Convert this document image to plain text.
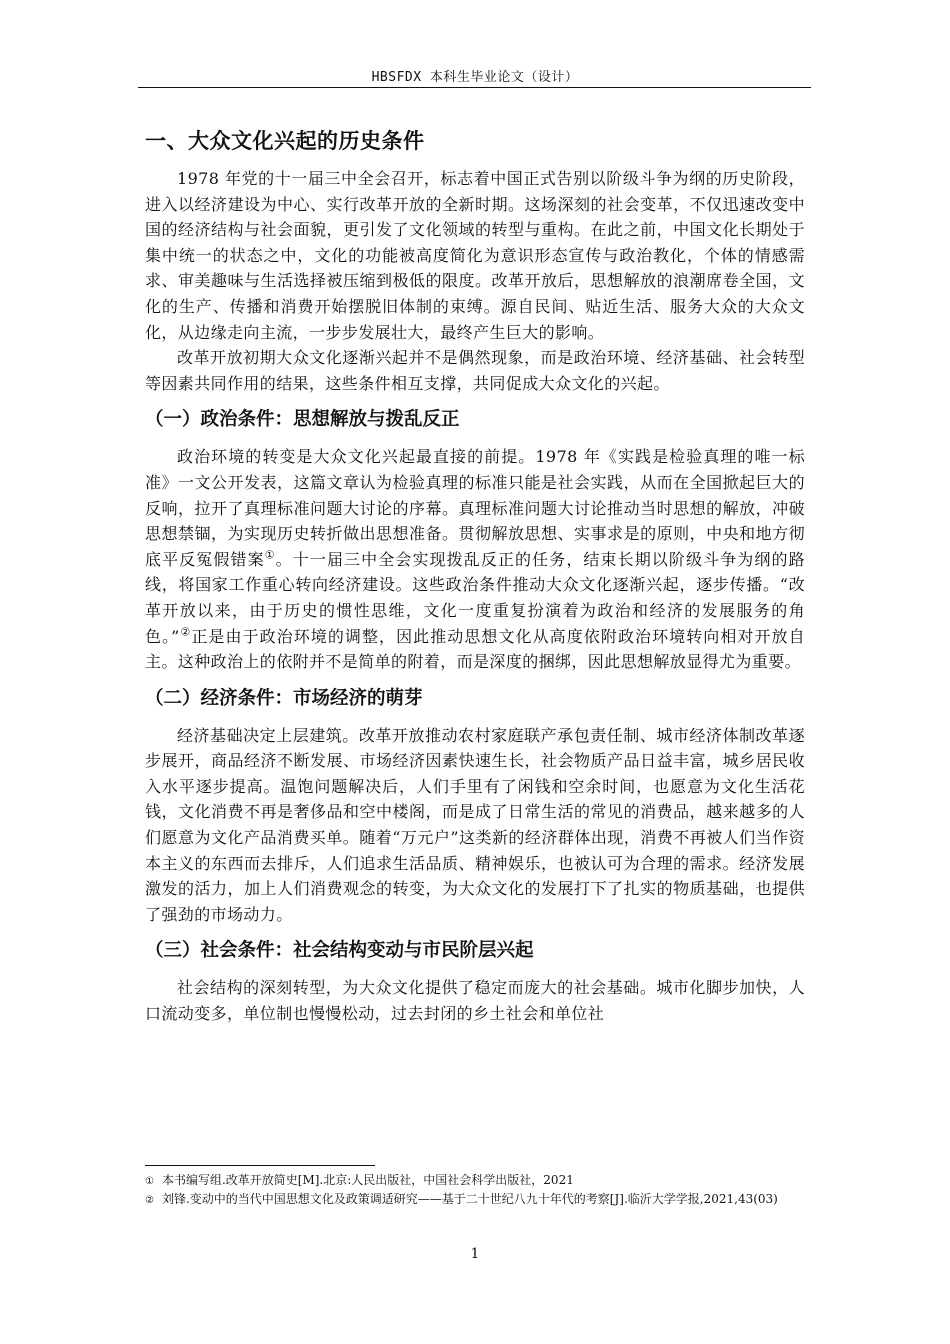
HBSFDX 本科生毕业论文（设计）
一、大众文化兴起的历史条件

1978 年党的十一届三中全会召开，标志着中国正式告别以阶级斗争为纲的历史阶段，进入以经济建设为中心、实行改革开放的全新时期。这场深刻的社会变革，不仅迅速改变中国的经济结构与社会面貌，更引发了文化领域的转型与重构。在此之前，中国文化长期处于集中统一的状态之中，文化的功能被高度简化为意识形态宣传与政治教化，个体的情感需求、审美趣味与生活选择被压缩到极低的限度。改革开放后，思想解放的浪潮席卷全国，文化的生产、传播和消费开始摆脱旧体制的束缚。源自民间、贴近生活、服务大众的大众文化，从边缘走向主流，一步步发展壮大，最终产生巨大的影响。

改革开放初期大众文化逐渐兴起并不是偶然现象，而是政治环境、经济基础、社会转型等因素共同作用的结果，这些条件相互支撑，共同促成大众文化的兴起。

（一）政治条件：思想解放与拨乱反正

政治环境的转变是大众文化兴起最直接的前提。1978 年《实践是检验真理的唯一标准》一文公开发表，这篇文章认为检验真理的标准只能是社会实践，从而在全国掀起巨大的反响，拉开了真理标准问题大讨论的序幕。真理标准问题大讨论推动当时思想的解放，冲破思想禁锢，为实现历史转折做出思想准备。贯彻解放思想、实事求是的原则，中央和地方彻底平反冤假错案①。十一届三中全会实现拨乱反正的任务，结束长期以阶级斗争为纲的路线，将国家工作重心转向经济建设。这些政治条件推动大众文化逐渐兴起，逐步传播。“改革开放以来，由于历史的惯性思维，文化一度重复扮演着为政治和经济的发展服务的角色。”②正是由于政治环境的调整，因此推动思想文化从高度依附政治环境转向相对开放自主。这种政治上的依附并不是简单的附着，而是深度的捆绑，因此思想解放显得尤为重要。

（二）经济条件：市场经济的萌芽

经济基础决定上层建筑。改革开放推动农村家庭联产承包责任制、城市经济体制改革逐步展开，商品经济不断发展、市场经济因素快速生长，社会物质产品日益丰富，城乡居民收入水平逐步提高。温饱问题解决后，人们手里有了闲钱和空余时间，也愿意为文化生活花钱，文化消费不再是奢侈品和空中楼阁，而是成了日常生活的常见的消费品，越来越多的人们愿意为文化产品消费买单。随着“万元户”这类新的经济群体出现，消费不再被人们当作资本主义的东西而去排斥，人们追求生活品质、精神娱乐，也被认可为合理的需求。经济发展激发的活力，加上人们消费观念的转变，为大众文化的发展打下了扎实的物质基础，也提供了强劲的市场动力。

（三）社会条件：社会结构变动与市民阶层兴起

社会结构的深刻转型，为大众文化提供了稳定而庞大的社会基础。城市化脚步加快，人口流动变多，单位制也慢慢松动，过去封闭的乡土社会和单位社

① 本书编写组.改革开放简史[M].北京:人民出版社，中国社会科学出版社，2021
② 刘锋.变动中的当代中国思想文化及政策调适研究——基于二十世纪八九十年代的考察[J].临沂大学学报,2021,43(03)
1
